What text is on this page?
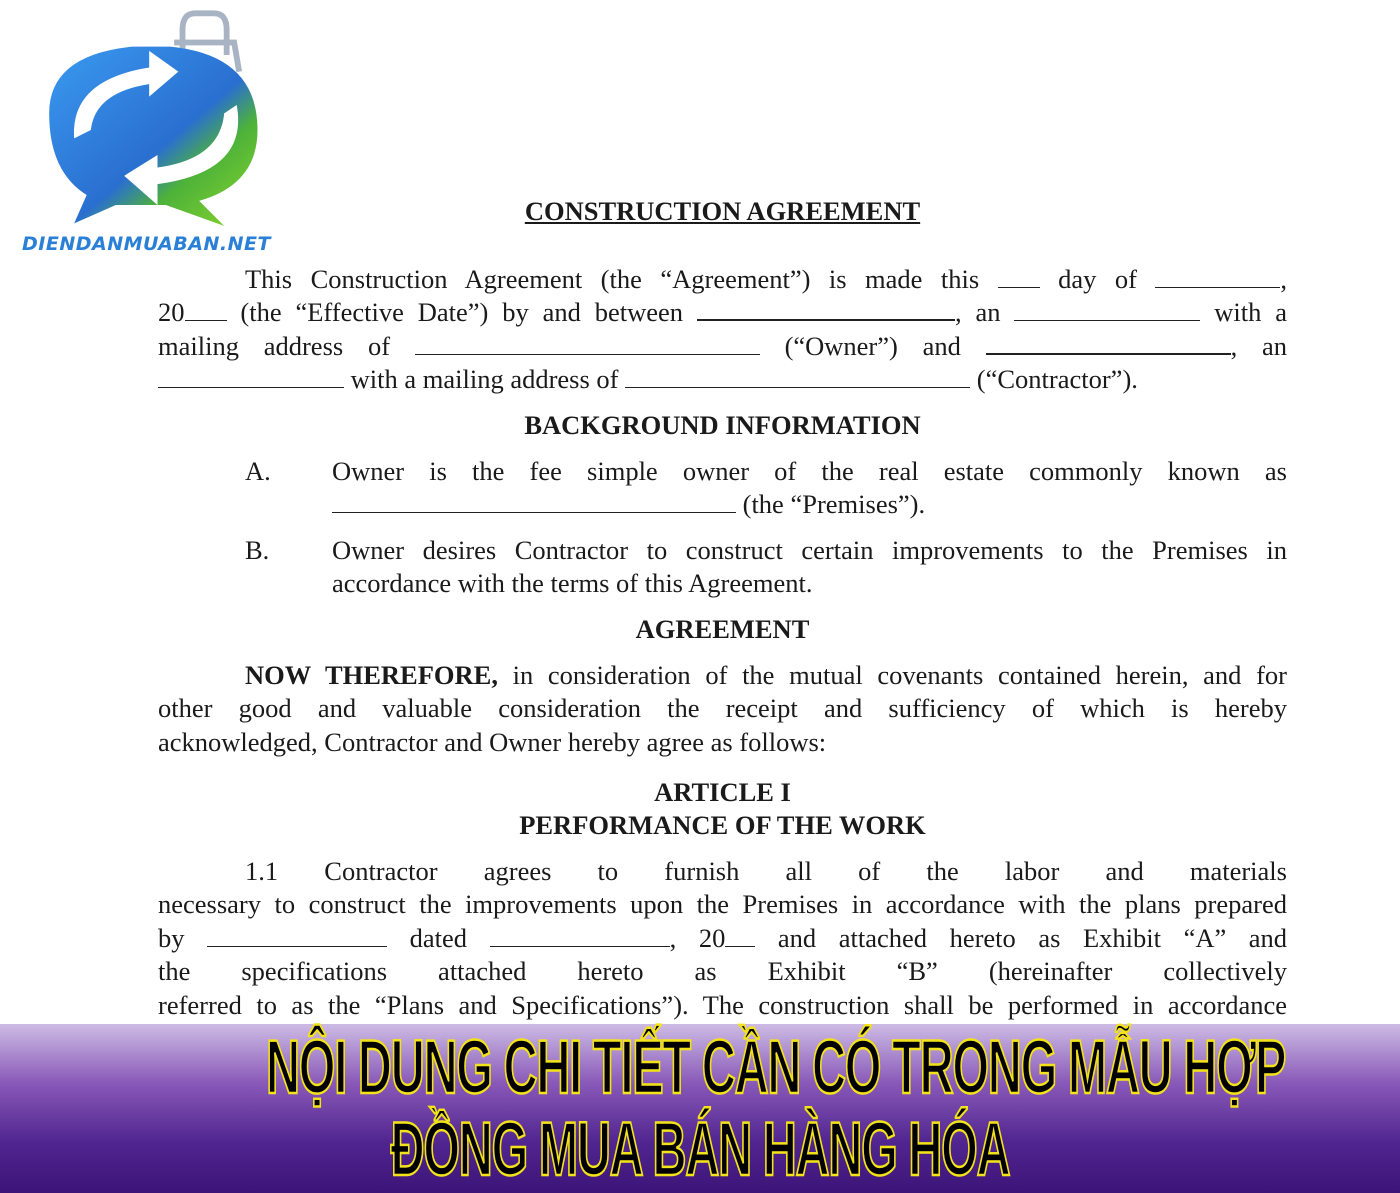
DIENDANMUABAN.NET
CONSTRUCTION AGREEMENT
This Construction Agreement (the “Agreement”) is made this	day of	,
20 (the “Effective Date”) by and between	, an	with a
mailing address of	(“Owner”) and	, an
with a mailing address of	(“Contractor”).
BACKGROUND INFORMATION
A. Owner is the fee simple owner of the real estate commonly known as
(the “Premises”).
B. Owner desires Contractor to construct certain improvements to the Premises in
accordance with the terms of this Agreement.
AGREEMENT
NOW THEREFORE, in consideration of the mutual covenants contained herein, and for
other good and valuable consideration the receipt and sufficiency of which is hereby
acknowledged, Contractor and Owner hereby agree as follows:
ARTICLE I
PERFORMANCE OF THE WORK
1.1 Contractor agrees to furnish all of the labor and materials
necessary to construct the improvements upon the Premises in accordance with the plans prepared
by	dated	, 20 and attached hereto as Exhibit “A” and
the specifications attached hereto as Exhibit “B” (hereinafter collectively
referred to as the “Plans and Specifications”). The construction shall be performed in accordance
NỘI DUNG CHI TIẾT CẦN CÓ TRONG MẪU HỢP
ĐỒNG MUA BÁN HÀNG HÓA
